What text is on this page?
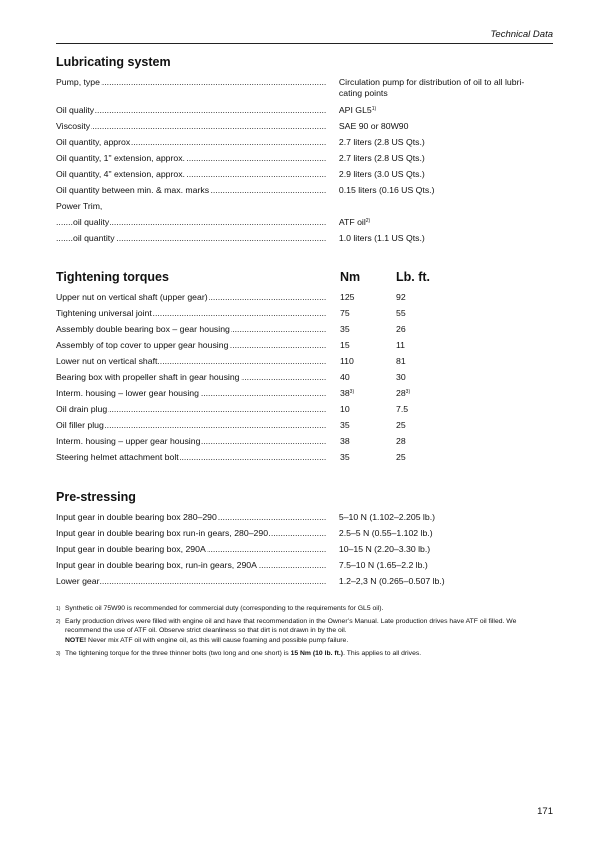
Technical Data
Lubricating system
Pump, type .....	Circulation pump for distribution of oil to all lubri-
cating points
Oil quality .....	API GL5$^{1)}$
Viscosity .....	SAE 90 or 80W90
Oil quantity, approx .....	2.7 liters (2.8 US Qts.)
Oil quantity, 1" extension, approx. .....	2.7 liters (2.8 US Qts.)
Oil quantity, 4" extension, approx. .....	2.9 liters (3.0 US Qts.)
Oil quantity between min. & max. marks .....	0.15 liters (0.16 US Qts.)
Power Trim,
oil quality .....	ATF oil$^{2)}$
oil quantity .....	1.0 liters (1.1 US Qts.)
Tightening torques	Nm	Lb. ft.
Upper nut on vertical shaft (upper gear) .....	125	92
Tightening universal joint .....	75	55
Assembly double bearing box – gear housing .....	35	26
Assembly of top cover to upper gear housing .....	15	11
Lower nut on vertical shaft .....	110	81
Bearing box with propeller shaft in gear housing .....	40	30
Interm. housing – lower gear housing .....	38$^{3)}$	28$^{3)}$
Oil drain plug .....	10	7.5
Oil filler plug .....	35	25
Interm. housing – upper gear housing .....	38	28
Steering helmet attachment bolt .....	35	25
Pre-stressing
Input gear in double bearing box 280–290 .....	5–10 N (1.102–2.205 lb.)
Input gear in double bearing box run-in gears, 280–290 .....	2.5–5 N (0.55–1.102 lb.)
Input gear in double bearing box, 290A .....	10–15 N (2.20–3.30 lb.)
Input gear in double bearing box, run-in gears, 290A .....	7.5–10 N (1.65–2.2 lb.)
Lower gear .....	1.2–2,3 N (0.265–0.507 lb.)
1) Synthetic oil 75W90 is recommended for commercial duty (corresponding to the requirements for GL5 oil).
2) Early production drives were filled with engine oil and have that recommendation in the Owner’s Manual. Late production drives have ATF oil filled. We recommend the use of ATF oil. Observe strict cleanliness so that dirt is not drawn in by the oil.
NOTE! Never mix ATF oil with engine oil, as this will cause foaming and possible pump failure.
3) The tightening torque for the three thinner bolts (two long and one short) is 15 Nm (10 lb. ft.). This applies to all drives.
171
